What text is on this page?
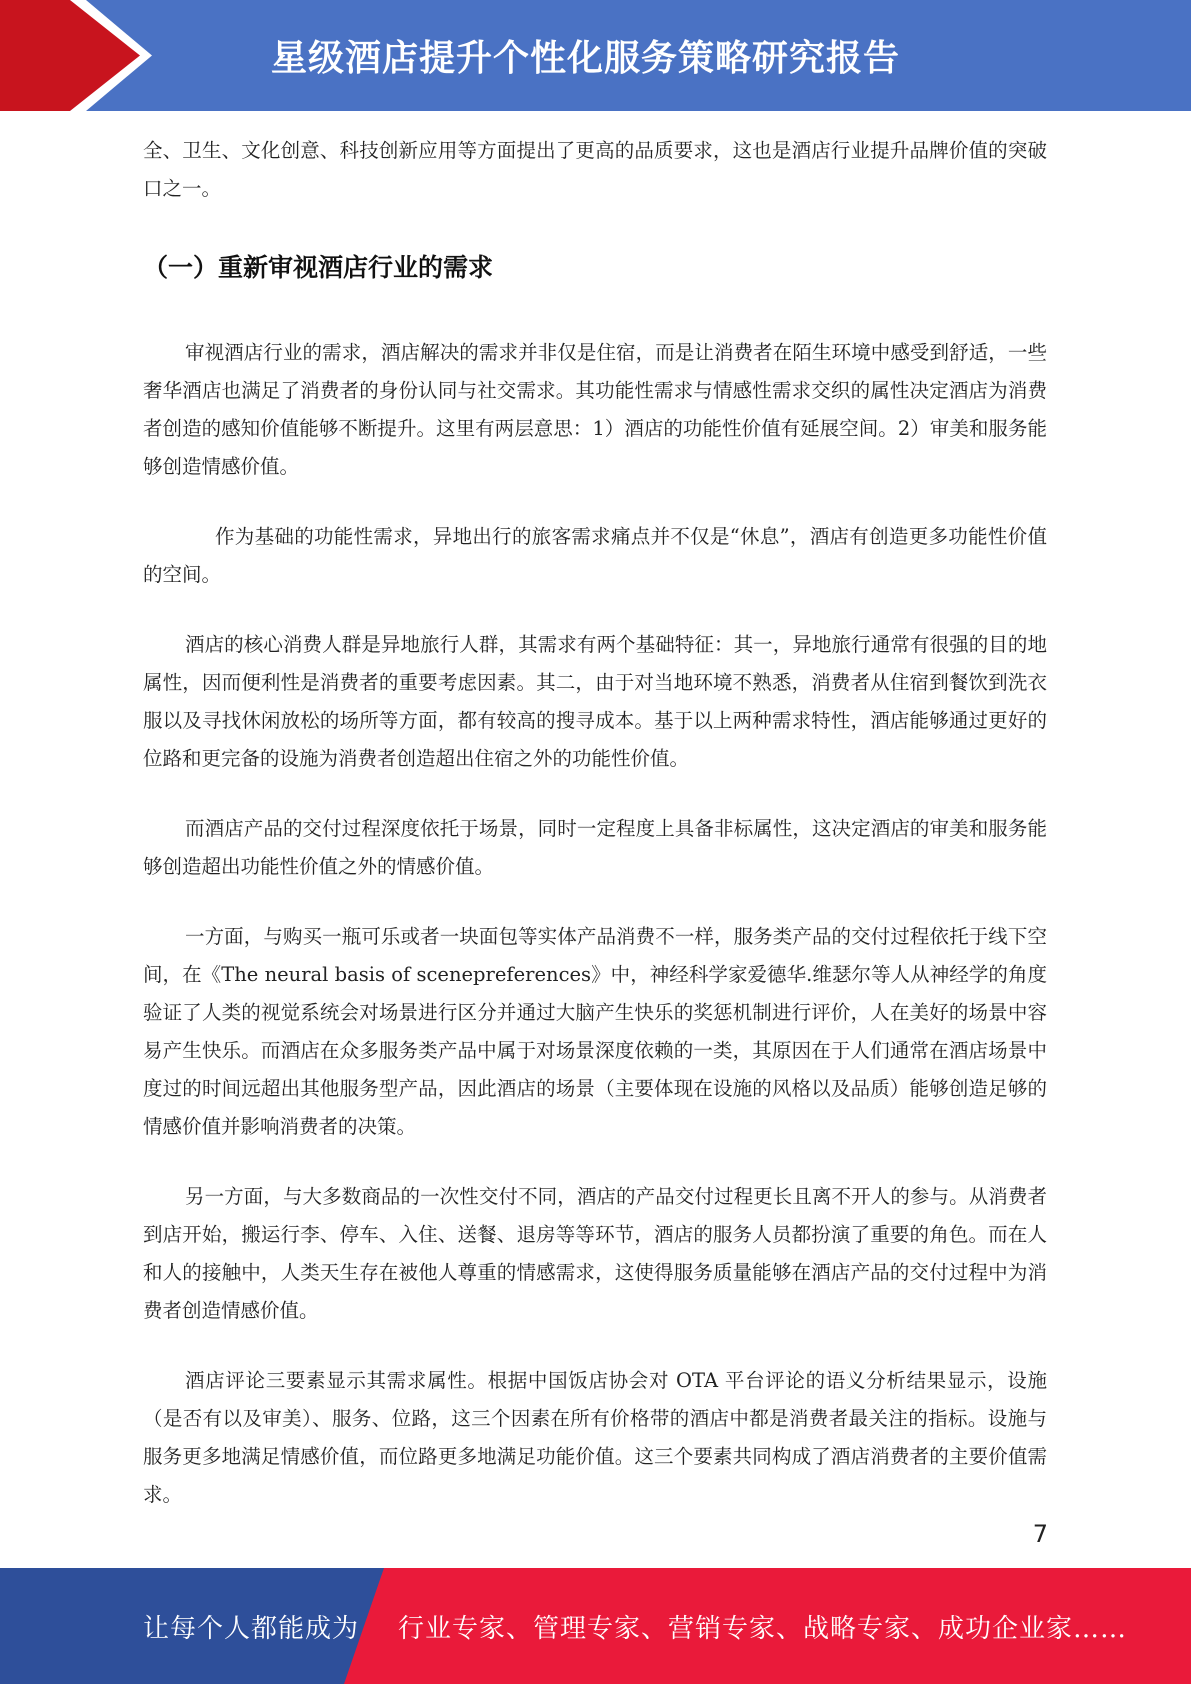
星级酒店提升个性化服务策略研究报告

全、卫生、文化创意、科技创新应用等方面提出了更高的品质要求，这也是酒店行业提升品牌价值的突破口之一。

（一）重新审视酒店行业的需求

审视酒店行业的需求，酒店解决的需求并非仅是住宿，而是让消费者在陌生环境中感受到舒适，一些奢华酒店也满足了消费者的身份认同与社交需求。其功能性需求与情感性需求交织的属性决定酒店为消费者创造的感知价值能够不断提升。这里有两层意思：1）酒店的功能性价值有延展空间。2）审美和服务能够创造情感价值。

作为基础的功能性需求，异地出行的旅客需求痛点并不仅是“休息”，酒店有创造更多功能性价值的空间。

酒店的核心消费人群是异地旅行人群，其需求有两个基础特征：其一，异地旅行通常有很强的目的地属性，因而便利性是消费者的重要考虑因素。其二，由于对当地环境不熟悉，消费者从住宿到餐饮到洗衣服以及寻找休闲放松的场所等方面，都有较高的搜寻成本。基于以上两种需求特性，酒店能够通过更好的位路和更完备的设施为消费者创造超出住宿之外的功能性价值。

而酒店产品的交付过程深度依托于场景，同时一定程度上具备非标属性，这决定酒店的审美和服务能够创造超出功能性价值之外的情感价值。

一方面，与购买一瓶可乐或者一块面包等实体产品消费不一样，服务类产品的交付过程依托于线下空间，在《The neural basis of scenepreferences》中，神经科学家爱德华.维瑟尔等人从神经学的角度验证了人类的视觉系统会对场景进行区分并通过大脑产生快乐的奖惩机制进行评价，人在美好的场景中容易产生快乐。而酒店在众多服务类产品中属于对场景深度依赖的一类，其原因在于人们通常在酒店场景中度过的时间远超出其他服务型产品，因此酒店的场景（主要体现在设施的风格以及品质）能够创造足够的情感价值并影响消费者的决策。

另一方面，与大多数商品的一次性交付不同，酒店的产品交付过程更长且离不开人的参与。从消费者到店开始，搬运行李、停车、入住、送餐、退房等等环节，酒店的服务人员都扮演了重要的角色。而在人和人的接触中，人类天生存在被他人尊重的情感需求，这使得服务质量能够在酒店产品的交付过程中为消费者创造情感价值。

酒店评论三要素显示其需求属性。根据中国饭店协会对 OTA 平台评论的语义分析结果显示，设施（是否有以及审美）、服务、位路，这三个因素在所有价格带的酒店中都是消费者最关注的指标。设施与服务更多地满足情感价值，而位路更多地满足功能价值。这三个要素共同构成了酒店消费者的主要价值需求。

7
让每个人都能成为 行业专家、管理专家、营销专家、战略专家、成功企业家……
